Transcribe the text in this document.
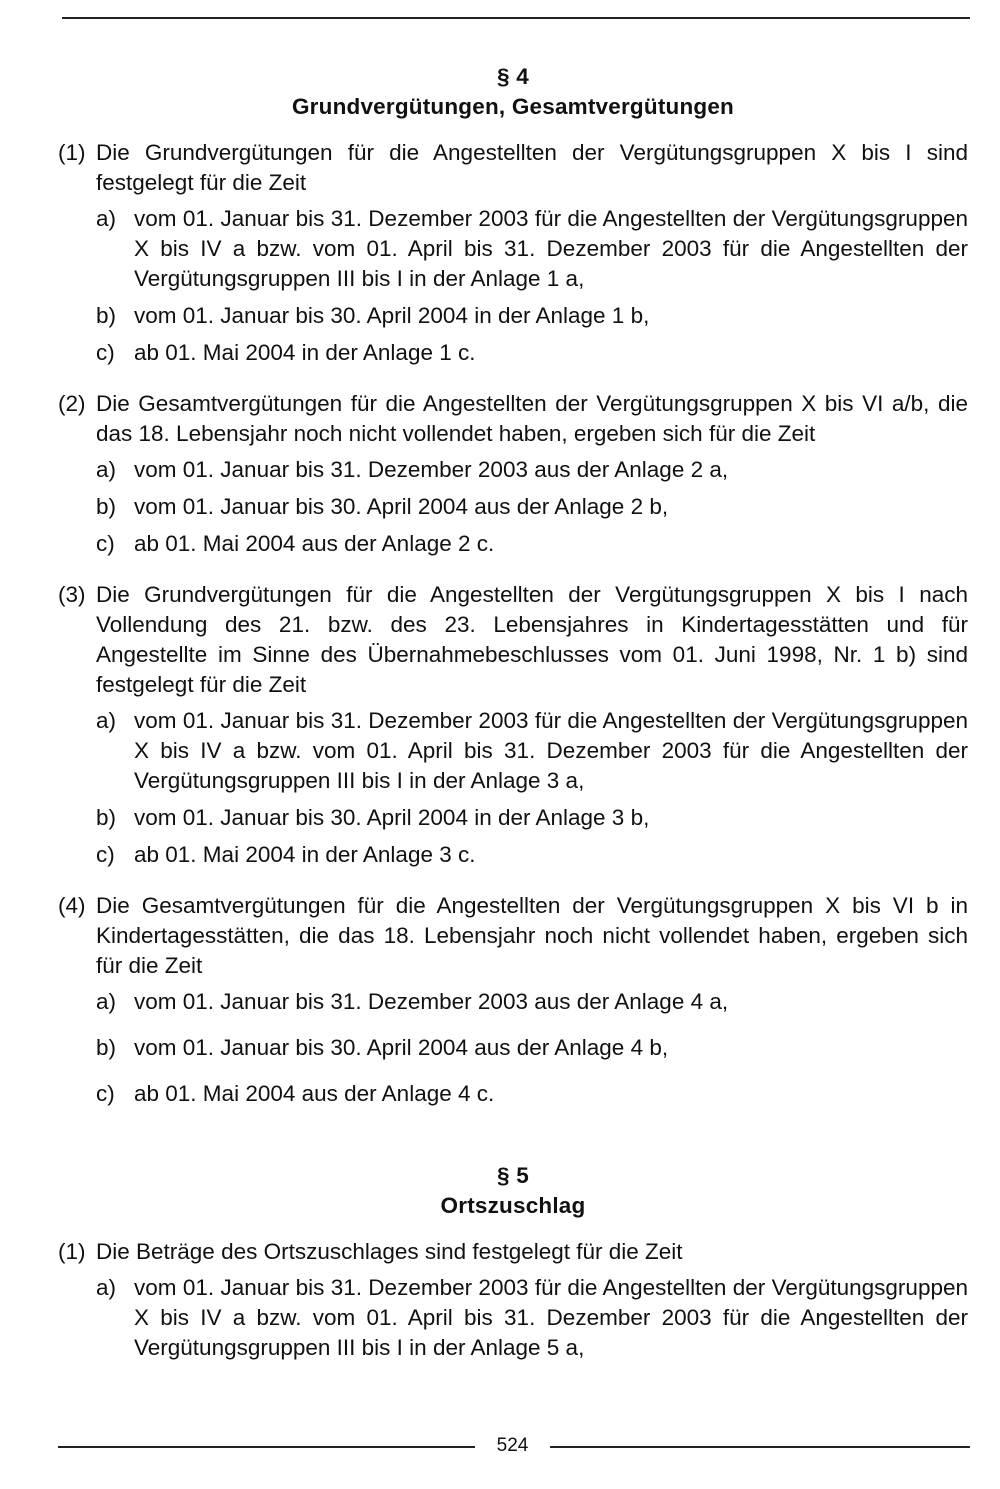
§ 4
Grundvergütungen, Gesamtvergütungen
(1) Die Grundvergütungen für die Angestellten der Vergütungsgruppen X bis I sind festgelegt für die Zeit
a) vom 01. Januar bis 31. Dezember 2003 für die Angestellten der Vergütungsgruppen X bis IV a bzw. vom 01. April bis 31. Dezember 2003 für die Angestellten der Vergütungsgruppen III bis I in der Anlage 1 a,
b) vom 01. Januar bis 30. April 2004 in der Anlage 1 b,
c) ab 01. Mai 2004 in der Anlage 1 c.
(2) Die Gesamtvergütungen für die Angestellten der Vergütungsgruppen X bis VI a/b, die das 18. Lebensjahr noch nicht vollendet haben, ergeben sich für die Zeit
a) vom 01. Januar bis 31. Dezember 2003 aus der Anlage 2 a,
b) vom 01. Januar bis 30. April 2004 aus der Anlage 2 b,
c) ab 01. Mai 2004 aus der Anlage 2 c.
(3) Die Grundvergütungen für die Angestellten der Vergütungsgruppen X bis I nach Vollendung des 21. bzw. des 23. Lebensjahres in Kindertagesstätten und für Angestellte im Sinne des Übernahmebeschlusses vom 01. Juni 1998, Nr. 1 b) sind festgelegt für die Zeit
a) vom 01. Januar bis 31. Dezember 2003 für die Angestellten der Vergütungsgruppen X bis IV a bzw. vom 01. April bis 31. Dezember 2003 für die Angestellten der Vergütungsgruppen III bis I in der Anlage 3 a,
b) vom 01. Januar bis 30. April 2004 in der Anlage 3 b,
c) ab 01. Mai 2004 in der Anlage 3 c.
(4) Die Gesamtvergütungen für die Angestellten der Vergütungsgruppen X bis VI b in Kindertagesstätten, die das 18. Lebensjahr noch nicht vollendet haben, ergeben sich für die Zeit
a) vom 01. Januar bis 31. Dezember 2003 aus der Anlage 4 a,
b) vom 01. Januar bis 30. April 2004 aus der Anlage 4 b,
c) ab 01. Mai 2004 aus der Anlage 4 c.
§ 5
Ortszuschlag
(1) Die Beträge des Ortszuschlages sind festgelegt für die Zeit
a) vom 01. Januar bis 31. Dezember 2003 für die Angestellten der Vergütungsgruppen X bis IV a bzw. vom 01. April bis 31. Dezember 2003 für die Angestellten der Vergütungsgruppen III bis I in der Anlage 5 a,
524
